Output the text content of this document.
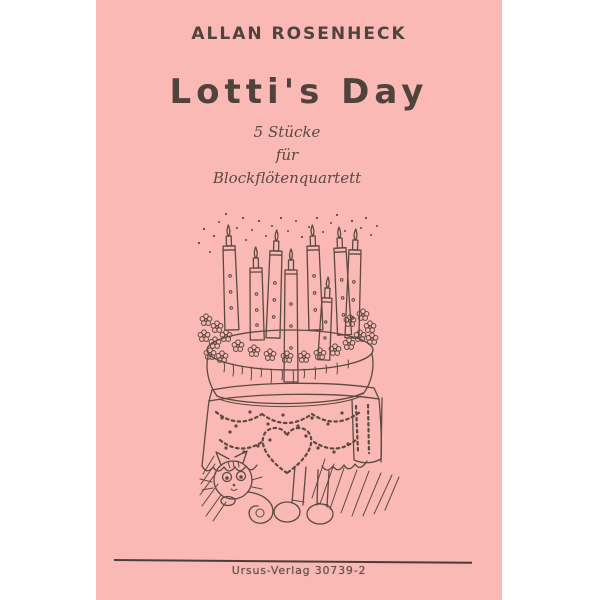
ALLAN ROSENHECK
Lotti's Day
5 Stücke
für
Blockflötenquartett
Ursus-Verlag 30739-2
